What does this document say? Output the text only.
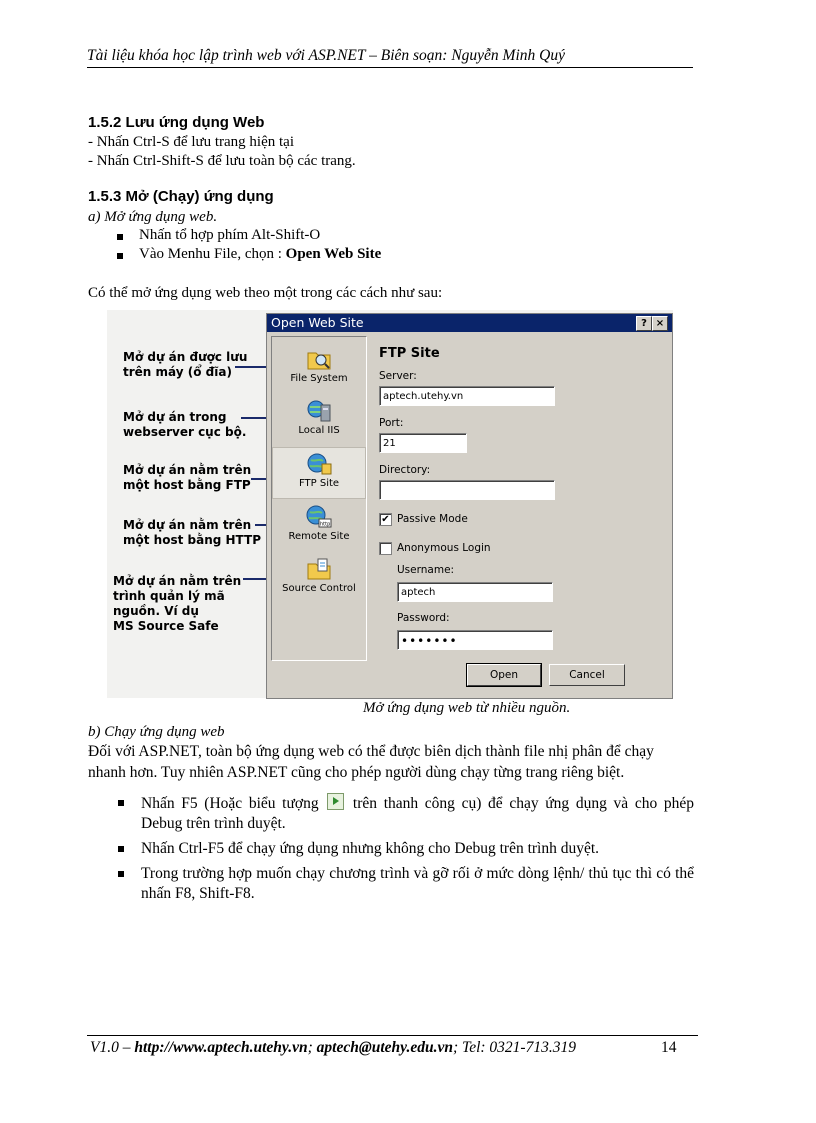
Tài liệu khóa học lập trình web với ASP.NET – Biên soạn: Nguyễn Minh Quý
1.5.2 Lưu ứng dụng Web
- Nhấn Ctrl-S để lưu trang hiện tại
- Nhấn Ctrl-Shift-S để lưu toàn bộ các trang.
1.5.3 Mở (Chạy) ứng dụng
a) Mở ứng dụng web.
Nhấn tổ hợp phím Alt-Shift-O
Vào Menhu File, chọn : Open Web Site
Có thể mở ứng dụng web theo một trong các cách như sau:
Mở dự án được lưu
trên máy (ổ đĩa)
Mở dự án trong
webserver cục bộ.
Mở dự án nằm trên
một host bằng FTP
Mở dự án nằm trên
một host bằng HTTP
Mở dự án nằm trên
trình quản lý mã
nguồn. Ví dụ
MS Source Safe
Open Web Site	? ×
File System
Local IIS
FTP Site
http
Remote Site
Source Control
FTP Site
Server:
aptech.utehy.vn
Port:
21
Directory:
✔ Passive Mode
Anonymous Login
Username:
aptech
Password:
•••••••
Open	Cancel
Mở ứng dụng web từ nhiều nguồn.
b) Chạy ứng dụng web
Đối với ASP.NET, toàn bộ ứng dụng web có thể được biên dịch thành file nhị phân để chạy nhanh hơn. Tuy nhiên ASP.NET cũng cho phép người dùng chạy từng trang riêng biệt.
Nhấn F5 (Hoặc biểu tượng trên thanh công cụ) để chạy ứng dụng và cho phép Debug trên trình duyệt.
Nhấn Ctrl-F5 để chạy ứng dụng nhưng không cho Debug trên trình duyệt.
Trong trường hợp muốn chạy chương trình và gỡ rối ở mức dòng lệnh/ thủ tục thì có thể nhấn F8, Shift-F8.
V1.0 – http://www.aptech.utehy.vn; aptech@utehy.edu.vn; Tel: 0321-713.319	14
